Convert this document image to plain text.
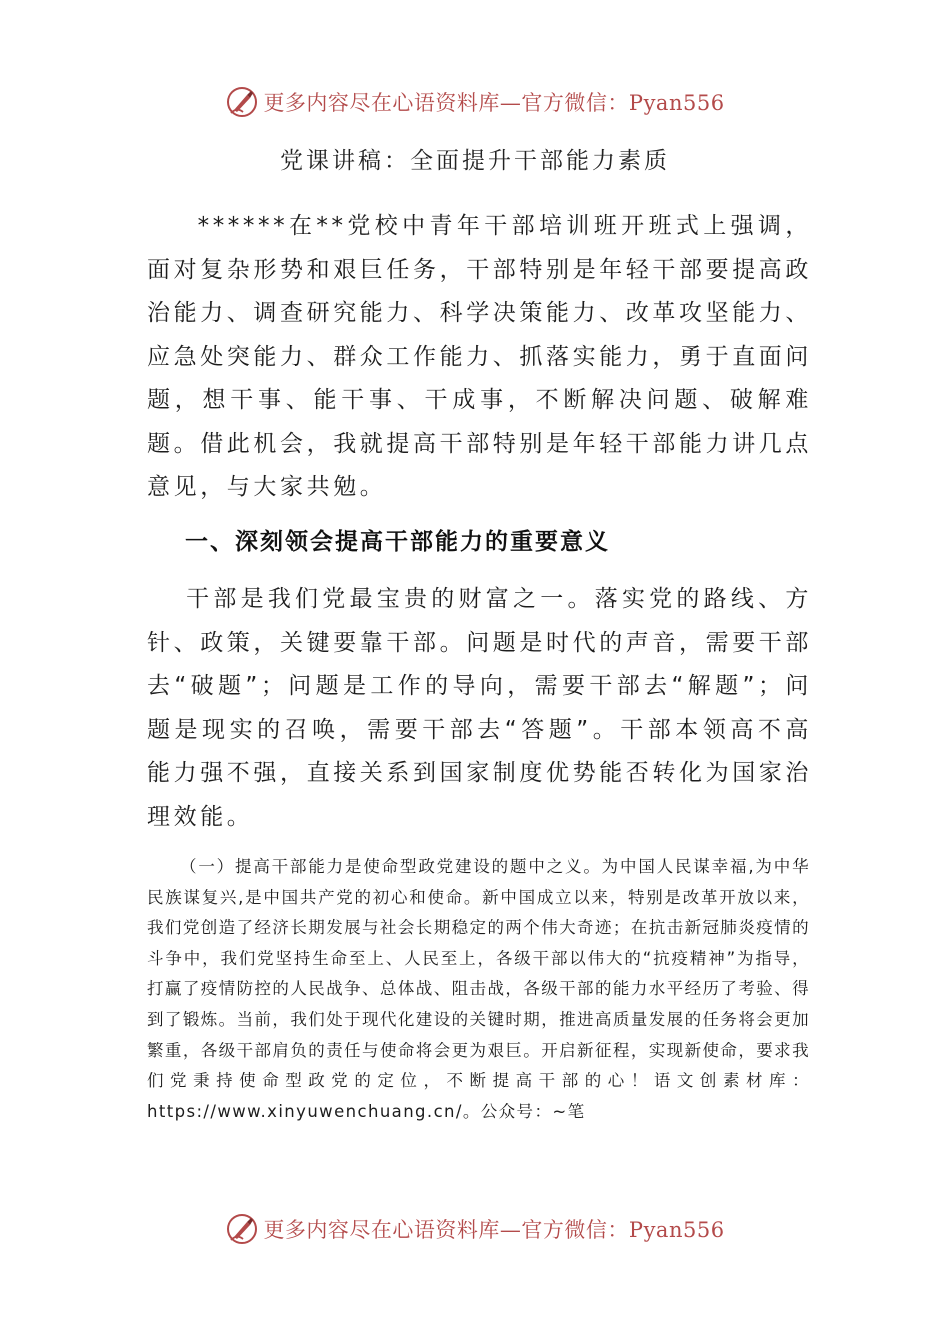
更多内容尽在心语资料库—官方微信：Pyan556
党课讲稿：全面提升干部能力素质

******在**党校中青年干部培训班开班式上强调，面对复杂形势和艰巨任务，干部特别是年轻干部要提高政治能力、调查研究能力、科学决策能力、改革攻坚能力、应急处突能力、群众工作能力、抓落实能力，勇于直面问题，想干事、能干事、干成事，不断解决问题、破解难题。借此机会，我就提高干部特别是年轻干部能力讲几点意见，与大家共勉。

一、深刻领会提高干部能力的重要意义

干部是我们党最宝贵的财富之一。落实党的路线、方针、政策，关键要靠干部。问题是时代的声音，需要干部去“破题”；问题是工作的导向，需要干部去“解题”；问题是现实的召唤，需要干部去“答题”。干部本领高不高能力强不强，直接关系到国家制度优势能否转化为国家治理效能。

（一）提高干部能力是使命型政党建设的题中之义。为中国人民谋幸福,为中华民族谋复兴,是中国共产党的初心和使命。新中国成立以来，特别是改革开放以来，我们党创造了经济长期发展与社会长期稳定的两个伟大奇迹；在抗击新冠肺炎疫情的斗争中，我们党坚持生命至上、人民至上，各级干部以伟大的“抗疫精神”为指导，打赢了疫情防控的人民战争、总体战、阻击战，各级干部的能力水平经历了考验、得到了锻炼。当前，我们处于现代化建设的关键时期，推进高质量发展的任务将会更加繁重，各级干部肩负的责任与使命将会更为艰巨。开启新征程，实现新使命，要求我们党秉持使命型政党的定位，不断提高干部的心！语文创素材库：https://www.xinyuwenchuang.cn/。公众号：~笔

更多内容尽在心语资料库—官方微信：Pyan556
